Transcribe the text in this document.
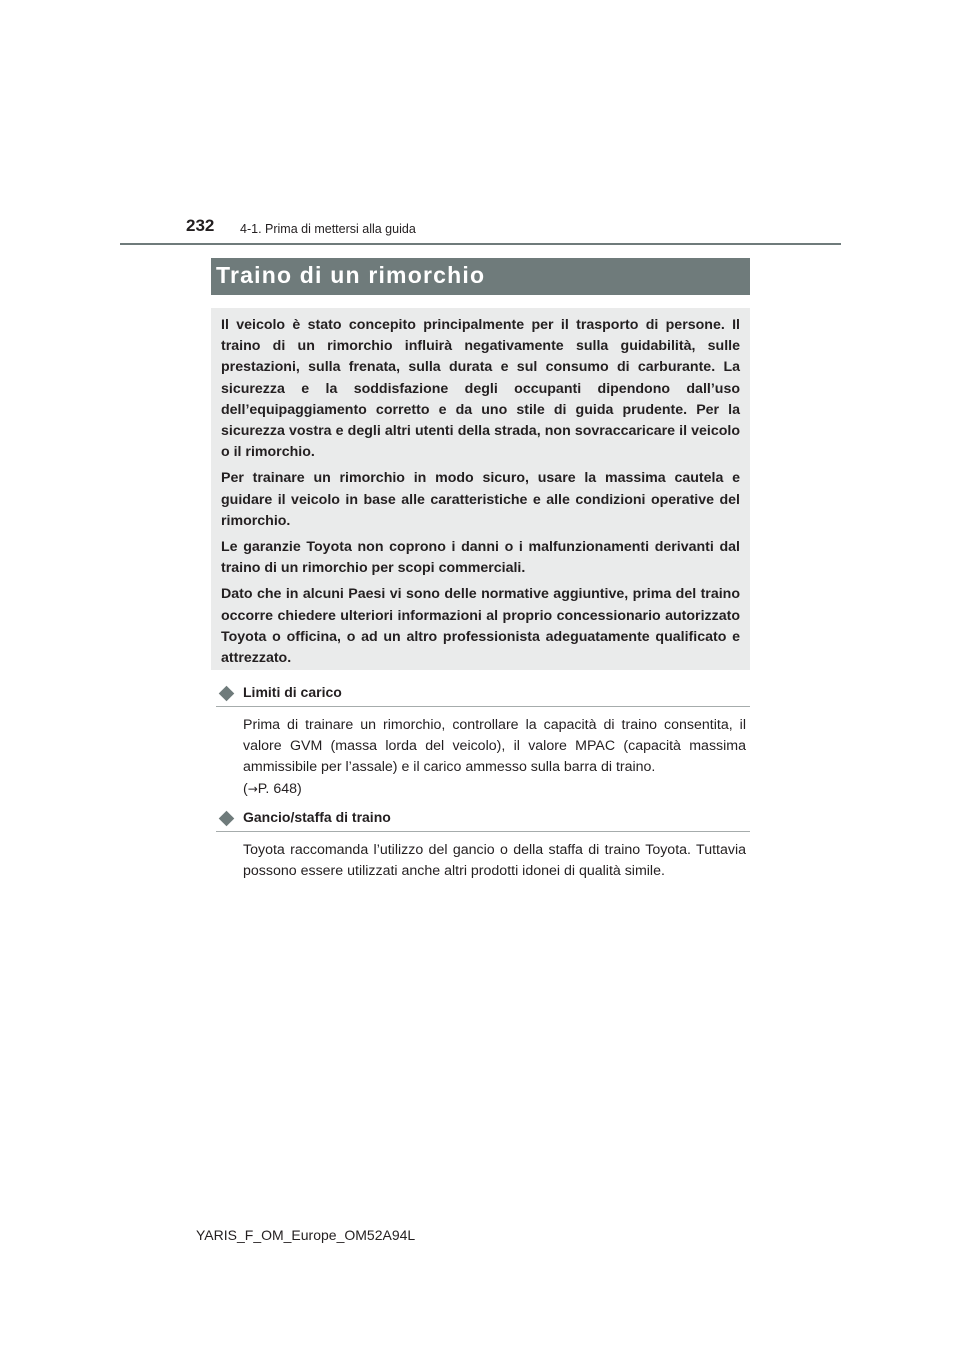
232 4-1. Prima di mettersi alla guida
Traino di un rimorchio

Il veicolo è stato concepito principalmente per il trasporto di persone. Il traino di un rimorchio influirà negativamente sulla guidabilità, sulle prestazioni, sulla frenata, sulla durata e sul consumo di carburante. La sicurezza e la soddisfazione degli occupanti dipendono dall’uso dell’equipaggiamento corretto e da uno stile di guida prudente. Per la sicurezza vostra e degli altri utenti della strada, non sovraccaricare il veicolo o il rimorchio.

Per trainare un rimorchio in modo sicuro, usare la massima cautela e guidare il veicolo in base alle caratteristiche e alle condizioni operative del rimorchio.

Le garanzie Toyota non coprono i danni o i malfunzionamenti derivanti dal traino di un rimorchio per scopi commerciali.

Dato che in alcuni Paesi vi sono delle normative aggiuntive, prima del traino occorre chiedere ulteriori informazioni al proprio concessionario autorizzato Toyota o officina, o ad un altro professionista adeguatamente qualificato e attrezzato.

Limiti di carico

Prima di trainare un rimorchio, controllare la capacità di traino consentita, il valore GVM (massa lorda del veicolo), il valore MPAC (capacità massima ammissibile per l’assale) e il carico ammesso sulla barra di traino.

(→P. 648)

Gancio/staffa di traino

Toyota raccomanda l’utilizzo del gancio o della staffa di traino Toyota. Tuttavia possono essere utilizzati anche altri prodotti idonei di qualità simile.

YARIS_F_OM_Europe_OM52A94L
